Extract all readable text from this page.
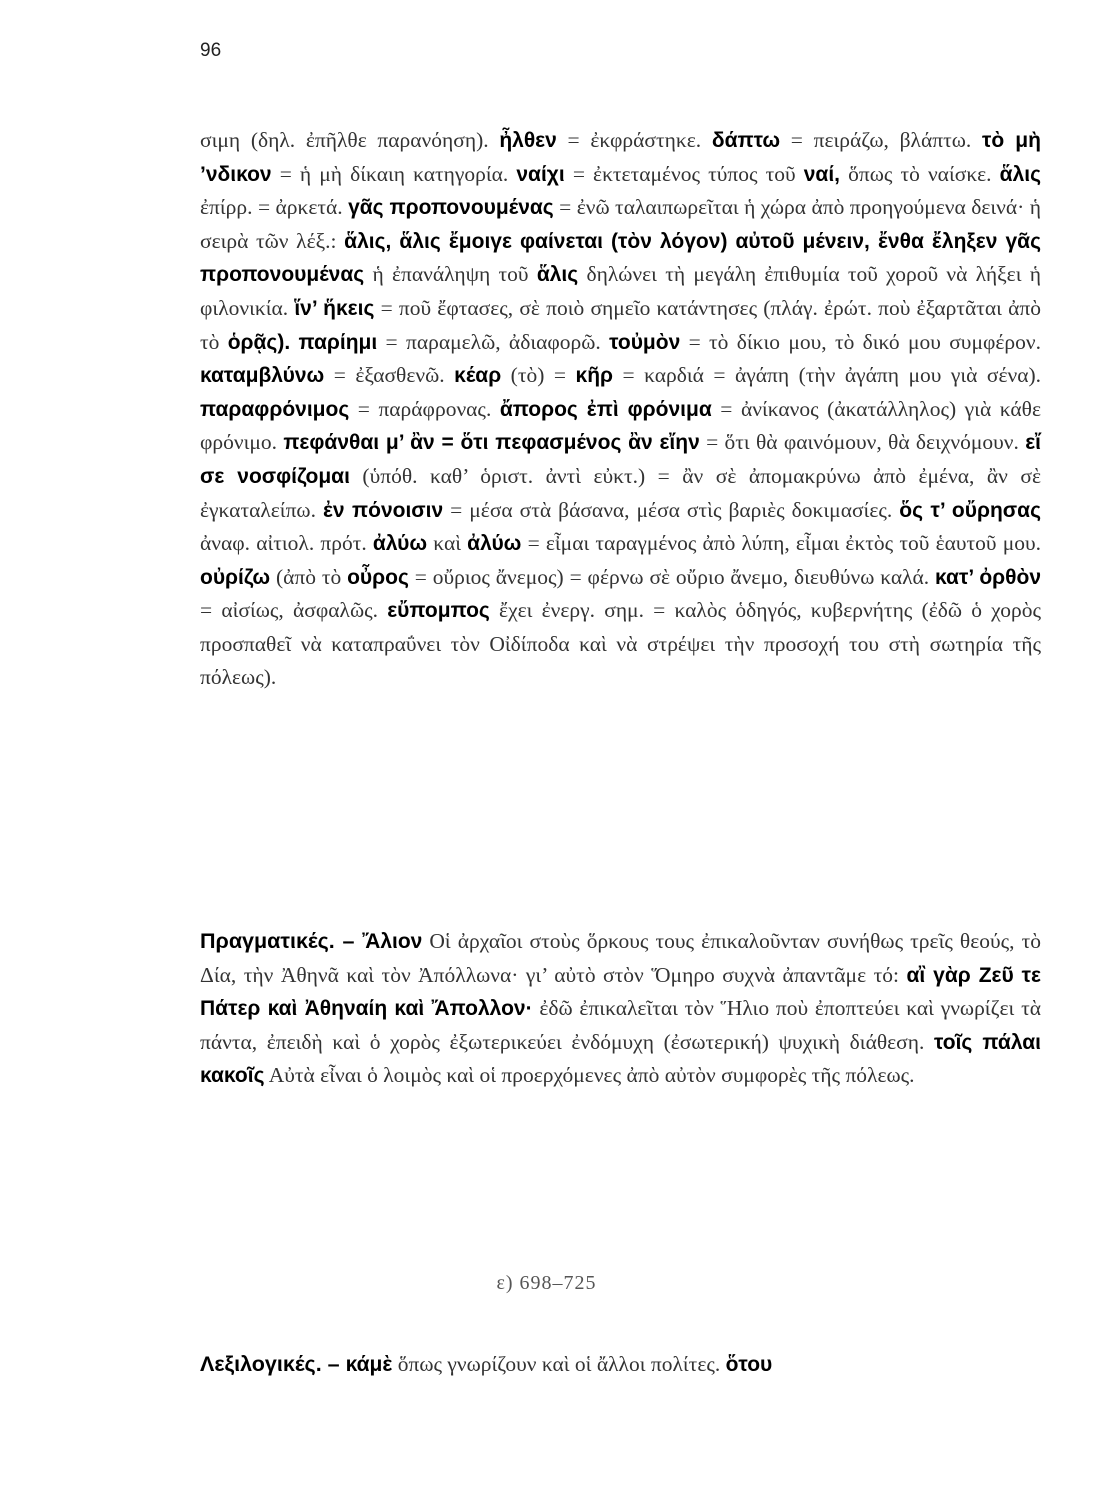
96

σιμη (δηλ. ἐπῆλθε παρανόηση). ἦλθεν = ἐκφράστηκε. δάπτω = πειράζω, βλάπτω. τὸ μὴ ’νδικον = ἡ μὴ δίκαιη κατηγορία. ναίχι = ἐκτεταμένος τύπος τοῦ ναί, ὅπως τὸ ναίσκε. ἅλις ἐπίρρ. = ἀρκετά. γᾶς προπονουμένας = ἐνῶ ταλαιπωρεῖται ἡ χώρα ἀπὸ προηγούμενα δεινά· ἡ σειρὰ τῶν λέξ.: ἅλις, ἅλις ἔμοιγε φαίνεται (τὸν λόγον) αὐτοῦ μένειν, ἔνθα ἔληξεν γᾶς προπονουμένας ἡ ἐπανάληψη τοῦ ἅλις δηλώνει τὴ μεγάλη ἐπιθυμία τοῦ χοροῦ νὰ λήξει ἡ φιλονικία. ἵν’ ἥκεις = ποῦ ἔφτασες, σὲ ποιὸ σημεῖο κατάντησες (πλάγ. ἐρώτ. ποὺ ἐξαρτᾶται ἀπὸ τὸ ὁρᾷς). παρίημι = παραμελῶ, ἀδιαφορῶ. τοὐμὸν = τὸ δίκιο μου, τὸ δικό μου συμφέρον. καταμβλύνω = ἐξασθενῶ. κέαρ (τὸ) = κῆρ = καρδιά = ἀγάπη (τὴν ἀγάπη μου γιὰ σένα). παραφρόνιμος = παράφρονας. ἄπορος ἐπὶ φρόνιμα = ἀνίκανος (ἀκατάλληλος) γιὰ κάθε φρόνιμο. πεφάνθαι μ’ ἂν = ὅτι πεφασμένος ἂν εἴην = ὅτι θὰ φαινόμουν, θὰ δειχνόμουν. εἴ σε νοσφίζομαι (ὑπόθ. καθ’ ὁριστ. ἀντὶ εὐκτ.) = ἂν σὲ ἀπομακρύνω ἀπὸ ἐμένα, ἂν σὲ ἐγκαταλείπω. ἐν πόνοισιν = μέσα στὰ βάσανα, μέσα στὶς βαριὲς δοκιμασίες. ὅς τ’ οὔρησας ἀναφ. αἰτιολ. πρότ. ἀλύω καὶ ἀλύω = εἶμαι ταραγμένος ἀπὸ λύπη, εἶμαι ἐκτὸς τοῦ ἑαυτοῦ μου. οὐρίζω (ἀπὸ τὸ οὖρος = οὔριος ἄνεμος) = φέρνω σὲ οὔριο ἄνεμο, διευθύνω καλά. κατ’ ὀρθὸν = αἰσίως, ἀσφαλῶς. εὔπομπος ἔχει ἐνεργ. σημ. = καλὸς ὁδηγός, κυβερνήτης (ἐδῶ ὁ χορὸς προσπαθεῖ νὰ καταπραΰνει τὸν Οἰδίποδα καὶ νὰ στρέψει τὴν προσοχή του στὴ σωτηρία τῆς πόλεως).

Πραγματικές. – Ἄλιον Οἱ ἀρχαῖοι στοὺς ὅρκους τους ἐπικαλοῦνταν συνήθως τρεῖς θεούς, τὸ Δία, τὴν Ἀθηνᾶ καὶ τὸν Ἀπόλλωνα· γι’ αὐτὸ στὸν Ὅμηρο συχνὰ ἀπαντᾶμε τό: αἲ γὰρ Ζεῦ τε Πάτερ καὶ Ἀθηναίη καὶ Ἄπολλον· ἐδῶ ἐπικαλεῖται τὸν Ἥλιο ποὺ ἐποπτεύει καὶ γνωρίζει τὰ πάντα, ἐπειδὴ καὶ ὁ χορὸς ἐξωτερικεύει ἐνδόμυχη (ἐσωτερική) ψυχικὴ διάθεση. τοῖς πάλαι κακοῖς Αὐτὰ εἶναι ὁ λοιμὸς καὶ οἱ προερχόμενες ἀπὸ αὐτὸν συμφορὲς τῆς πόλεως.

ε) 698–725

Λεξιλογικές. – κάμὲ ὅπως γνωρίζουν καὶ οἱ ἄλλοι πολίτες. ὅτου
